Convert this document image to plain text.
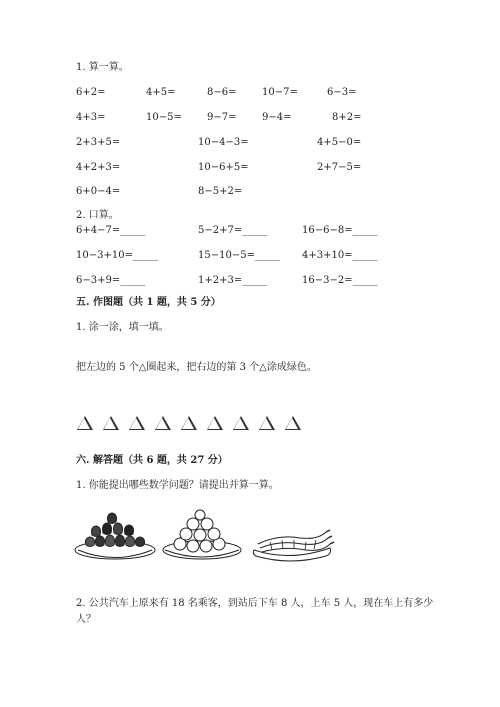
1. 算一算。
6+2=	4+5=	8−6=	10−7=	6−3=
4+3=	10−5=	9−7=	9−4=	8+2=
2+3+5=	10−4−3=	4+5−0=
4+2+3=	10−6+5=	2+7−5=
6+0−4=	8−5+2=
2. 口算。
6+4−7=_____	5−2+7=_____	16−6−8=_____
10−3+10=_____	15−10−5=_____ 4+3+10=_____
6−3+9=_____	1+2+3=_____	16−3−2=_____
五. 作图题（共 1 题，共 5 分）
1. 涂一涂，填一填。
把左边的 5 个△圈起来，把右边的第 3 个△涂成绿色。
六. 解答题（共 6 题，共 27 分）
1. 你能提出哪些数学问题？请提出并算一算。
2. 公共汽车上原来有 18 名乘客，到站后下车 8 人，上车 5 人，现在车上有多少
人？
